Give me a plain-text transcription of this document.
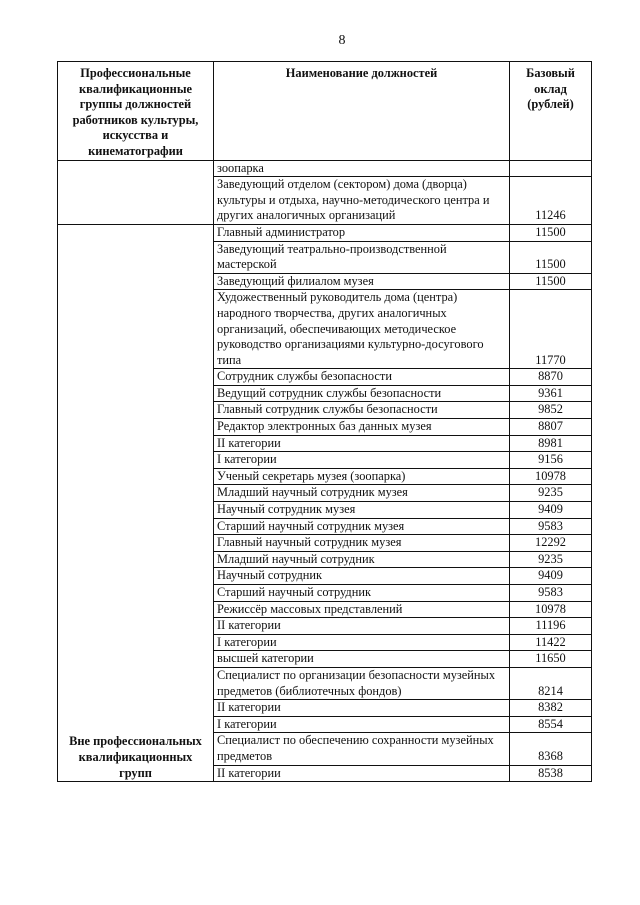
8
Профессиональные квалификационные группы должностей работников культуры, искусства и кинематографии	Наименование должностей	Базовый оклад (рублей)
	зоопарка	
	Заведующий отделом (сектором) дома (дворца) культуры и отдыха, научно-методического центра и других аналогичных организаций	11246
Вне профессиональных квалификационных групп	Главный администратор	11500
	Заведующий театрально-производственной мастерской	11500
	Заведующий филиалом музея	11500
	Художественный руководитель дома (центра) народного творчества, других аналогичных организаций, обеспечивающих методическое руководство организациями культурно-досугового типа	11770
	Сотрудник службы безопасности	8870
	Ведущий сотрудник службы безопасности	9361
	Главный сотрудник службы безопасности	9852
	Редактор электронных баз данных музея	8807
	II категории	8981
	I категории	9156
	Ученый секретарь музея (зоопарка)	10978
	Младший научный сотрудник музея	9235
	Научный сотрудник музея	9409
	Старший научный сотрудник музея	9583
	Главный научный сотрудник музея	12292
	Младший научный сотрудник	9235
	Научный сотрудник	9409
	Старший научный сотрудник	9583
	Режиссёр массовых представлений	10978
	II категории	11196
	I категории	11422
	высшей категории	11650
	Специалист по организации безопасности музейных предметов (библиотечных фондов)	8214
	II категории	8382
	I категории	8554
	Специалист по обеспечению сохранности музейных предметов	8368
	II категории	8538
